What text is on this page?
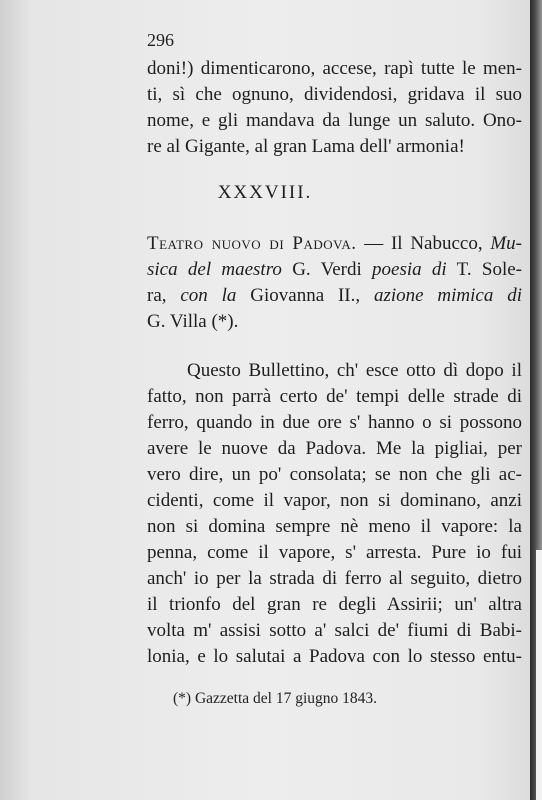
296
doni!) dimenticarono, accese, rapì tutte le men-
ti, sì che ognuno, dividendosi, gridava il suo
nome, e gli mandava da lunge un saluto. Ono-
re al Gigante, al gran Lama dell' armonia!
XXXVIII.
Teatro nuovo di Padova. — Il Nabucco, Mu-
sica del maestro G. Verdi poesia di T. Sole-
ra, con la Giovanna II., azione mimica di
G. Villa (*).
Questo Bullettino, ch' esce otto dì dopo il
fatto, non parrà certo de' tempi delle strade di
ferro, quando in due ore s' hanno o si possono
avere le nuove da Padova. Me la pigliai, per
vero dire, un po' consolata; se non che gli ac-
cidenti, come il vapor, non si dominano, anzi
non si domina sempre nè meno il vapore: la
penna, come il vapore, s' arresta. Pure io fui
anch' io per la strada di ferro al seguito, dietro
il trionfo del gran re degli Assirii; un' altra
volta m' assisi sotto a' salci de' fiumi di Babi-
lonia, e lo salutai a Padova con lo stesso entu-
(*) Gazzetta del 17 giugno 1843.
